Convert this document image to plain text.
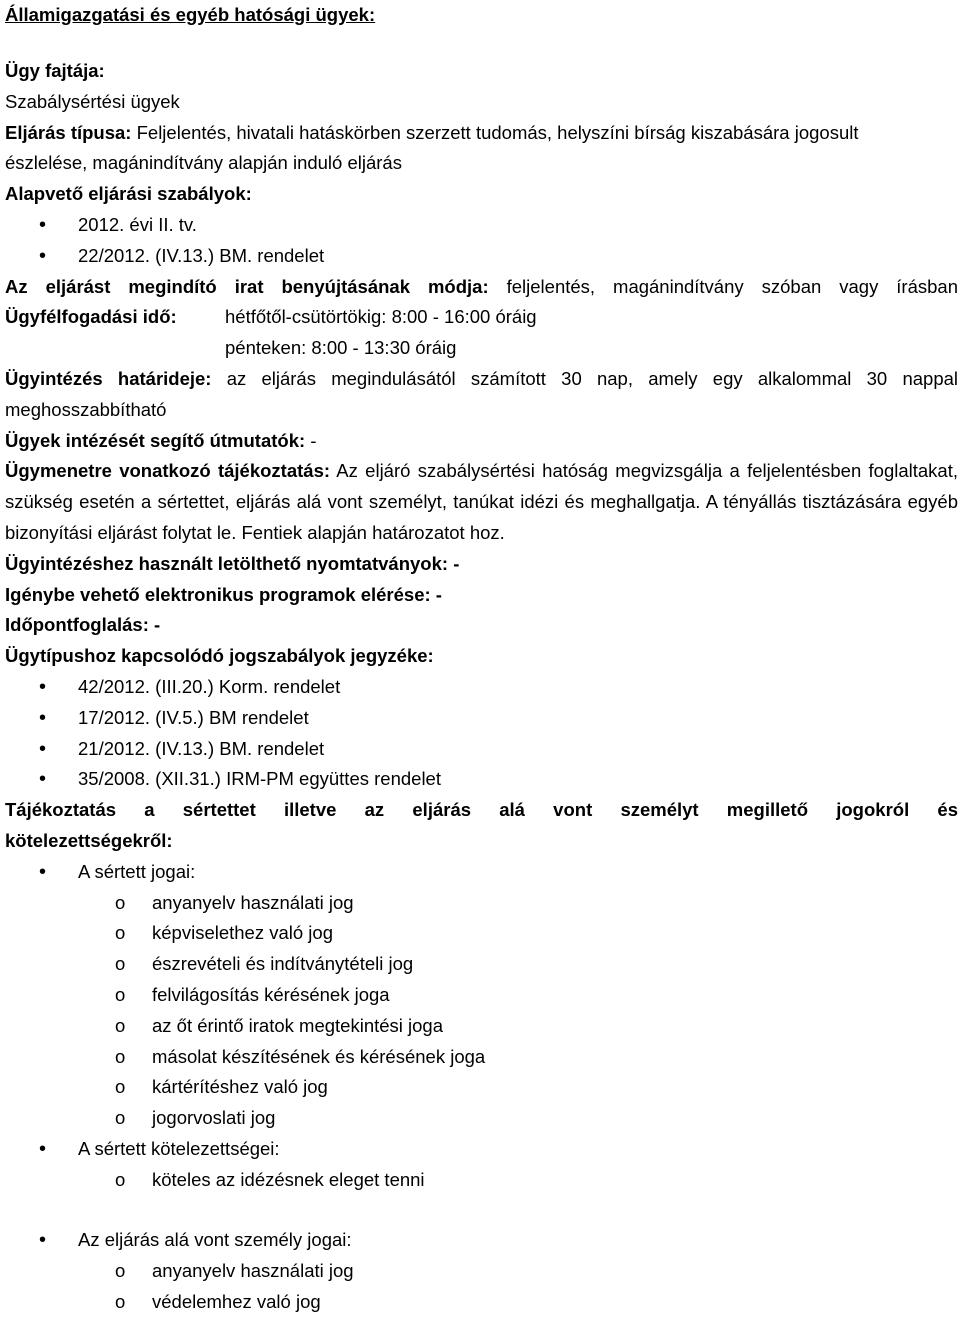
Államigazgatási és egyéb hatósági ügyek:

Ügy fajtája:

Szabálysértési ügyek

Eljárás típusa: Feljelentés, hivatali hatáskörben szerzett tudomás, helyszíni bírság kiszabására jogosult

észlelése, magánindítvány alapján induló eljárás

Alapvető eljárási szabályok:

• 2012. évi II. tv.
• 22/2012. (IV.13.) BM. rendelet

Az eljárást megindító irat benyújtásának módja: feljelentés, magánindítvány szóban vagy írásban

Ügyfélfogadási idő:	hétfőtől-csütörtökig: 8:00 - 16:00 óráig

pénteken: 8:00 - 13:30 óráig

Ügyintézés határideje: az eljárás megindulásától számított 30 nap, amely egy alkalommal 30 nappal

meghosszabbítható

Ügyek intézését segítő útmutatók: -

Ügymenetre vonatkozó tájékoztatás: Az eljáró szabálysértési hatóság megvizsgálja a feljelentésben foglaltakat, szükség esetén a sértettet, eljárás alá vont személyt, tanúkat idézi és meghallgatja. A tényállás tisztázására egyéb bizonyítási eljárást folytat le. Fentiek alapján határozatot hoz.

Ügyintézéshez használt letölthető nyomtatványok: -

Igénybe vehető elektronikus programok elérése: -

Időpontfoglalás: -

Ügytípushoz kapcsolódó jogszabályok jegyzéke:

• 42/2012. (III.20.) Korm. rendelet
• 17/2012. (IV.5.) BM rendelet
• 21/2012. (IV.13.) BM. rendelet
• 35/2008. (XII.31.) IRM-PM együttes rendelet

Tájékoztatás a sértettet illetve az eljárás alá vont személyt megillető jogokról és

kötelezettségekről:

• A sértett jogai:
o anyanyelv használati jog
o képviselethez való jog
o észrevételi és indítványtételi jog
o felvilágosítás kérésének joga
o az őt érintő iratok megtekintési joga
o másolat készítésének és kérésének joga
o kártérítéshez való jog
o jogorvoslati jog
• A sértett kötelezettségei:
o köteles az idézésnek eleget tenni
• Az eljárás alá vont személy jogai:
o anyanyelv használati jog
o védelemhez való jog
